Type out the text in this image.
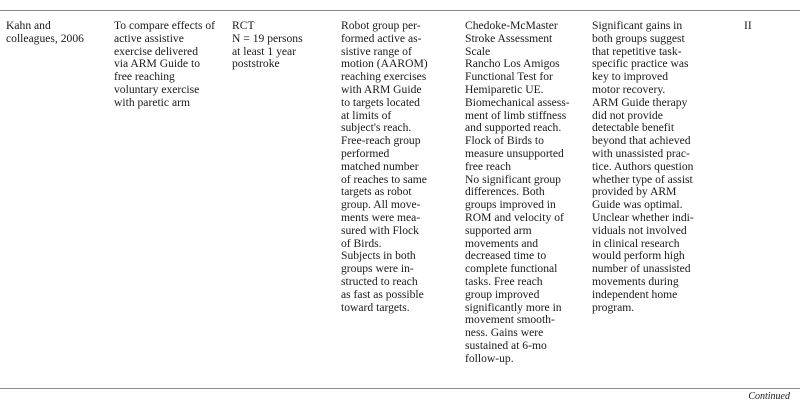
Kahn and
colleagues, 2006
To compare effects of
active assistive
exercise delivered
via ARM Guide to
free reaching
voluntary exercise
with paretic arm
RCT
N = 19 persons
at least 1 year
poststroke
Robot group per-
formed active as-
sistive range of
motion (AAROM)
reaching exercises
with ARM Guide
to targets located
at limits of
subject's reach.
Free-reach group
performed
matched number
of reaches to same
targets as robot
group. All move-
ments were mea-
sured with Flock
of Birds.
Subjects in both
groups were in-
structed to reach
as fast as possible
toward targets.
Chedoke-McMaster
Stroke Assessment
Scale
Rancho Los Amigos
Functional Test for
Hemiparetic UE.
Biomechanical assess-
ment of limb stiffness
and supported reach.
Flock of Birds to
measure unsupported
free reach
No significant group
differences. Both
groups improved in
ROM and velocity of
supported arm
movements and
decreased time to
complete functional
tasks. Free reach
group improved
significantly more in
movement smooth-
ness. Gains were
sustained at 6-mo
follow-up.
Significant gains in
both groups suggest
that repetitive task-
specific practice was
key to improved
motor recovery.
ARM Guide therapy
did not provide
detectable benefit
beyond that achieved
with unassisted prac-
tice. Authors question
whether type of assist
provided by ARM
Guide was optimal.
Unclear whether indi-
viduals not involved
in clinical research
would perform high
number of unassisted
movements during
independent home
program.
II
Continued
